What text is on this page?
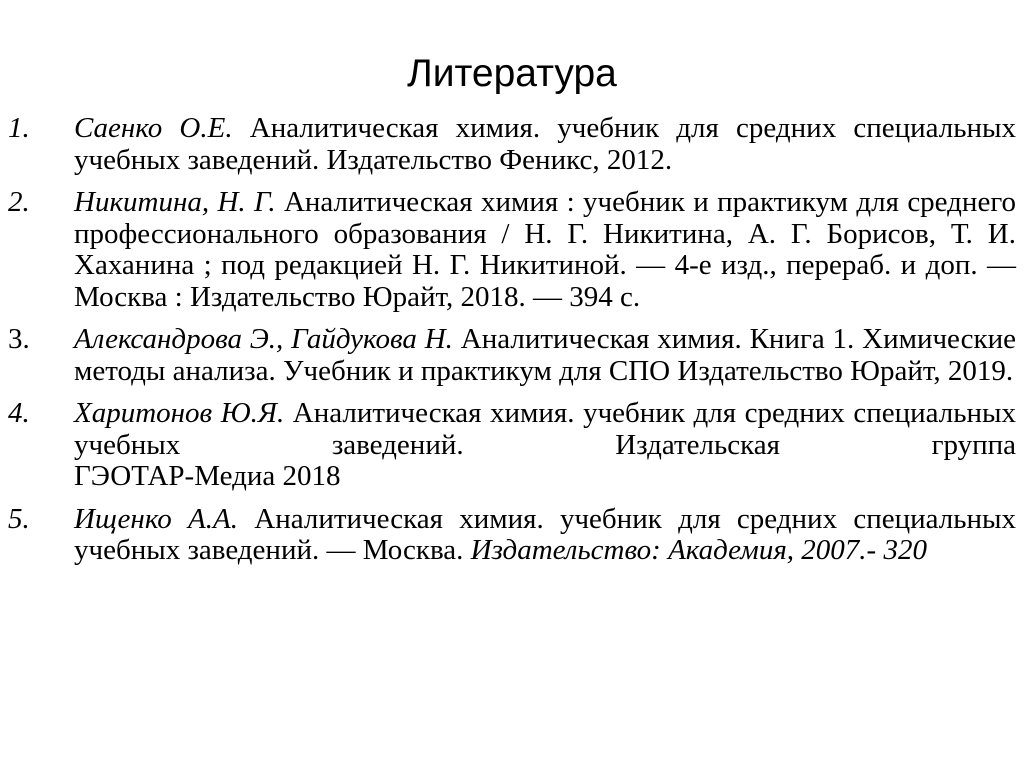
Литература
1.	Саенко О.Е. Аналитическая химия. учебник для средних специальных учебных заведений. Издательство Феникс, 2012.
2.	Никитина, Н. Г. Аналитическая химия : учебник и практикум для среднего профессионального образования / Н. Г. Никитина, А. Г. Борисов, Т. И. Хаханина ; под редакцией Н. Г. Никитиной. — 4-е изд., перераб. и доп. — Москва : Издательство Юрайт, 2018. — 394 с.
3.	Александрова Э., Гайдукова Н. Аналитическая химия. Книга 1. Химические методы анализа. Учебник и практикум для СПО Издательство Юрайт, 2019.
4.	Харитонов Ю.Я. Аналитическая химия. учебник для средних специальных учебных заведений. Издательская группа
ГЭОТАР-Медиа 2018
5.	Ищенко А.А. Аналитическая химия. учебник для средних специальных учебных заведений. — Москва. Издательство: Академия, 2007.- 320
